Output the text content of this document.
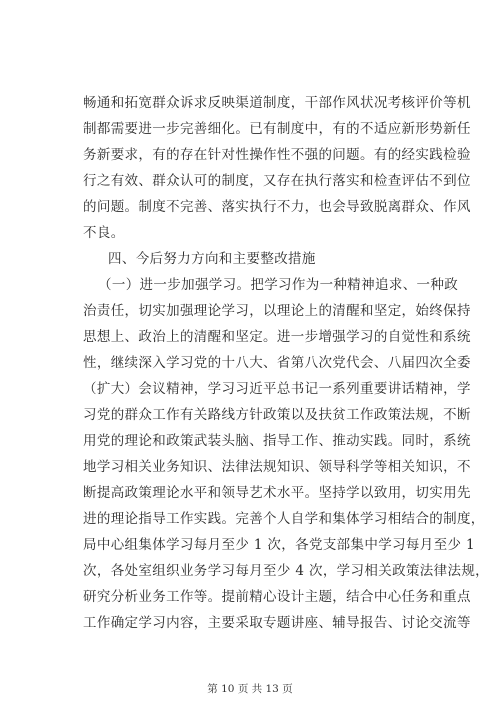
畅通和拓宽群众诉求反映渠道制度，干部作风状况考核评价等机
制都需要进一步完善细化。已有制度中，有的不适应新形势新任
务新要求，有的存在针对性操作性不强的问题。有的经实践检验
行之有效、群众认可的制度，又存在执行落实和检查评估不到位
的问题。制度不完善、落实执行不力，也会导致脱离群众、作风
不良。
四、今后努力方向和主要整改措施
（一）进一步加强学习。把学习作为一种精神追求、一种政
治责任，切实加强理论学习，以理论上的清醒和坚定，始终保持
思想上、政治上的清醒和坚定。进一步增强学习的自觉性和系统
性，继续深入学习党的十八大、省第八次党代会、八届四次全委
（扩大）会议精神，学习习近平总书记一系列重要讲话精神，学
习党的群众工作有关路线方针政策以及扶贫工作政策法规，不断
用党的理论和政策武装头脑、指导工作、推动实践。同时，系统
地学习相关业务知识、法律法规知识、领导科学等相关知识，不
断提高政策理论水平和领导艺术水平。坚持学以致用，切实用先
进的理论指导工作实践。完善个人自学和集体学习相结合的制度，
局中心组集体学习每月至少 1 次，各党支部集中学习每月至少 1
次，各处室组织业务学习每月至少 4 次，学习相关政策法律法规，
研究分析业务工作等。提前精心设计主题，结合中心任务和重点
工作确定学习内容，主要采取专题讲座、辅导报告、讨论交流等
第 10 页 共 13 页
